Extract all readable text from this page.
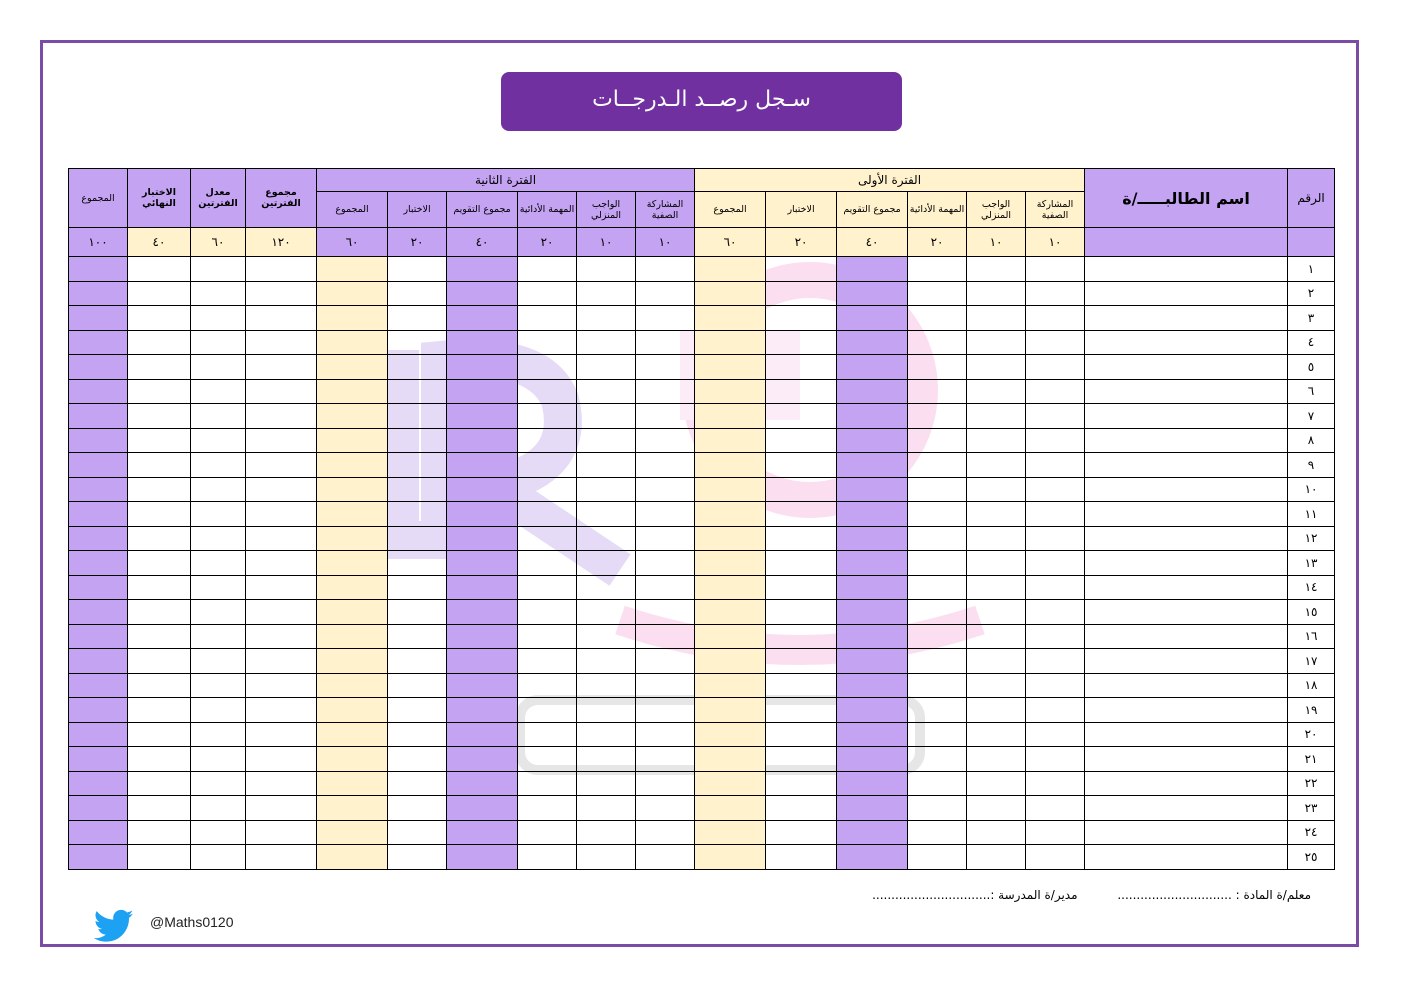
سـجل رصــد الـدرجــات
الرقم	اسم الطالبـــــ/ة	الفترة الأولى						الفترة الثانية						مجموع الفترتين	معدل الفترتين	الاختبار النهائي	المجموع
		المشاركة الصفية	الواجب المنزلي	المهمة الأدائية	مجموع التقويم	الاختبار	المجموع	المشاركة الصفية	الواجب المنزلي	المهمة الأدائية	مجموع التقويم	الاختبار	المجموع				
		١٠	١٠	٢٠	٤٠	٢٠	٦٠	١٠	١٠	٢٠	٤٠	٢٠	٦٠	١٢٠	٦٠	٤٠	١٠٠
١																	
٢																	
٣																	
٤																	
٥																	
٦																	
٧																	
٨																	
٩																	
١٠																	
١١																	
١٢																	
١٣																	
١٤																	
١٥																	
١٦																	
١٧																	
١٨																	
١٩																	
٢٠																	
٢١																	
٢٢																	
٢٣																	
٢٤																	
٢٥																	
معلم/ة المادة : .............................. مدير/ة المدرسة :...............................
@Maths0120
